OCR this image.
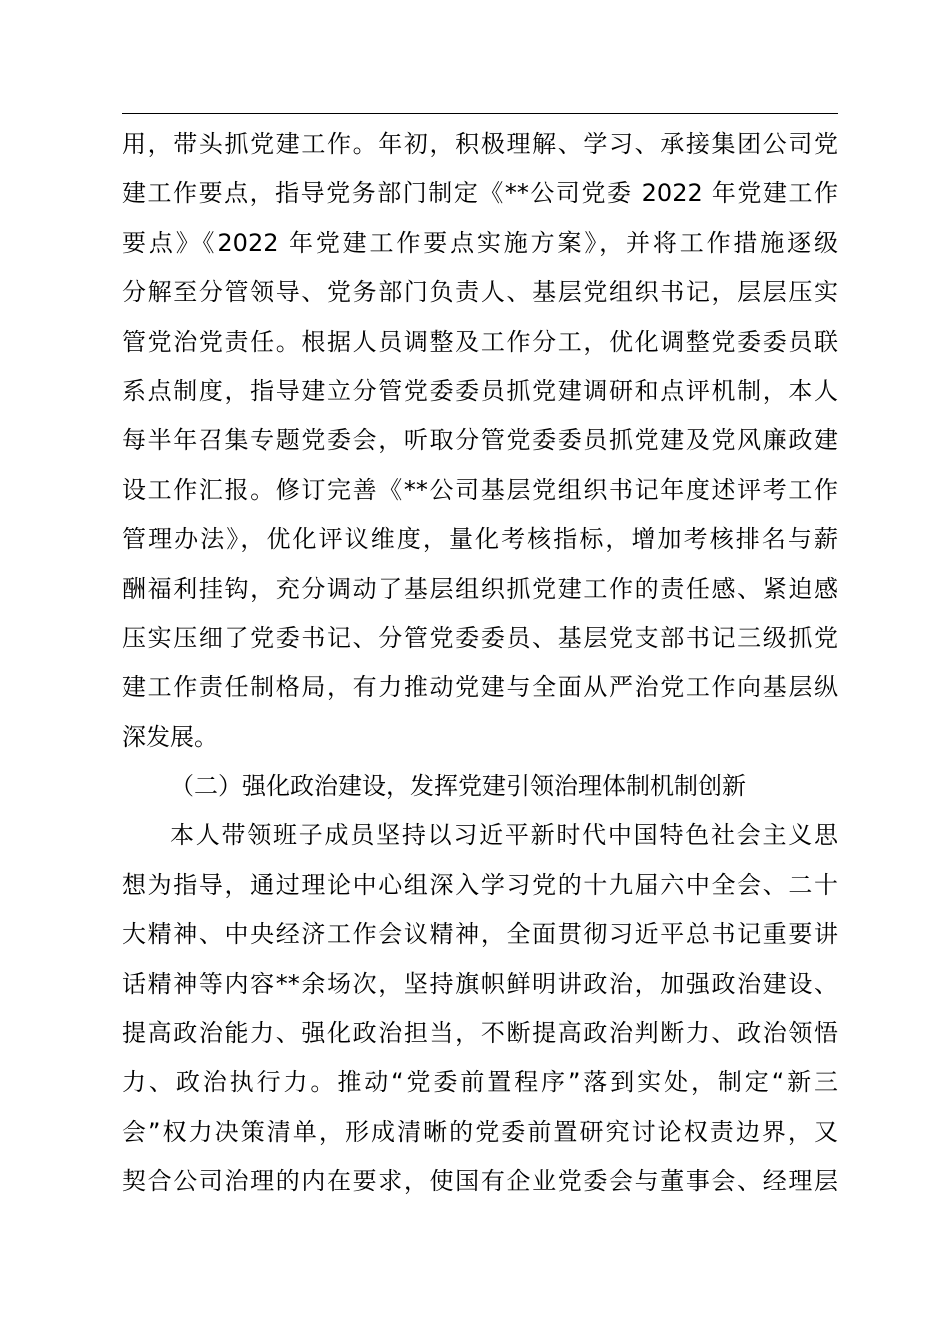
用，带头抓党建工作。年初，积极理解、学习、承接集团公司党
建工作要点，指导党务部门制定《**公司党委 2022 年党建工作
要点》《2022 年党建工作要点实施方案》，并将工作措施逐级
分解至分管领导、党务部门负责人、基层党组织书记，层层压实
管党治党责任。根据人员调整及工作分工，优化调整党委委员联
系点制度，指导建立分管党委委员抓党建调研和点评机制，本人
每半年召集专题党委会，听取分管党委委员抓党建及党风廉政建
设工作汇报。修订完善《**公司基层党组织书记年度述评考工作
管理办法》，优化评议维度，量化考核指标，增加考核排名与薪
酬福利挂钩，充分调动了基层组织抓党建工作的责任感、紧迫感
压实压细了党委书记、分管党委委员、基层党支部书记三级抓党
建工作责任制格局，有力推动党建与全面从严治党工作向基层纵
深发展。
（二）强化政治建设，发挥党建引领治理体制机制创新
本人带领班子成员坚持以习近平新时代中国特色社会主义思
想为指导，通过理论中心组深入学习党的十九届六中全会、二十
大精神、中央经济工作会议精神，全面贯彻习近平总书记重要讲
话精神等内容**余场次，坚持旗帜鲜明讲政治，加强政治建设、
提高政治能力、强化政治担当，不断提高政治判断力、政治领悟
力、政治执行力。推动“党委前置程序”落到实处，制定“新三
会”权力决策清单，形成清晰的党委前置研究讨论权责边界，又
契合公司治理的内在要求，使国有企业党委会与董事会、经理层
